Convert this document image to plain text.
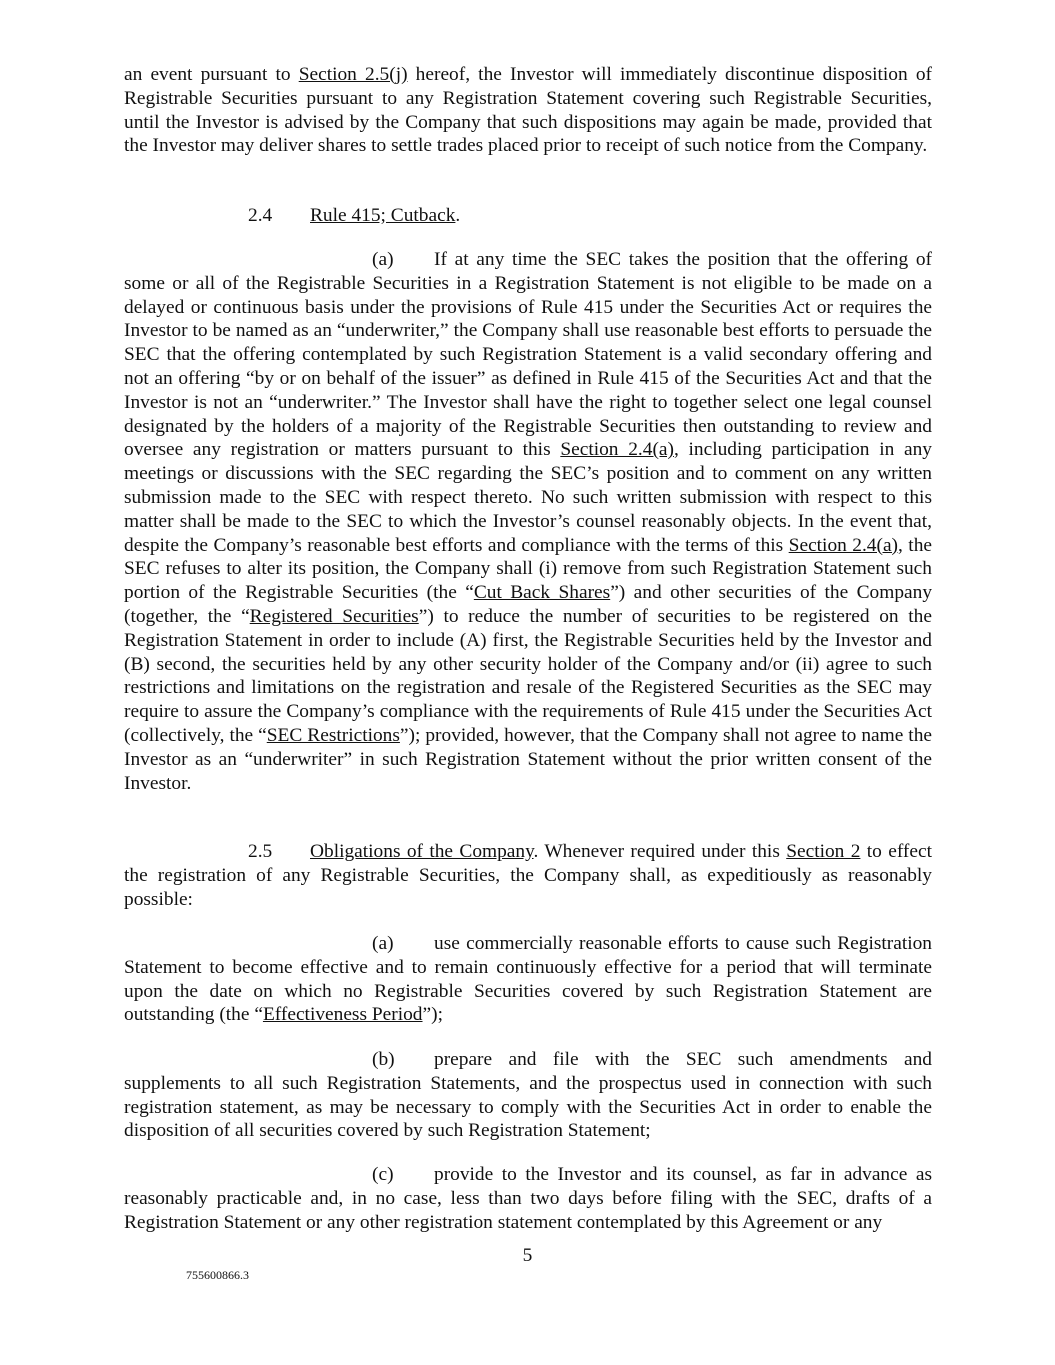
an event pursuant to Section 2.5(j) hereof, the Investor will immediately discontinue disposition of Registrable Securities pursuant to any Registration Statement covering such Registrable Securities, until the Investor is advised by the Company that such dispositions may again be made, provided that the Investor may deliver shares to settle trades placed prior to receipt of such notice from the Company.

2.4 Rule 415; Cutback.

(a) If at any time the SEC takes the position that the offering of some or all of the Registrable Securities in a Registration Statement is not eligible to be made on a delayed or continuous basis under the provisions of Rule 415 under the Securities Act or requires the Investor to be named as an “underwriter,” the Company shall use reasonable best efforts to persuade the SEC that the offering contemplated by such Registration Statement is a valid secondary offering and not an offering “by or on behalf of the issuer” as defined in Rule 415 of the Securities Act and that the Investor is not an “underwriter.” The Investor shall have the right to together select one legal counsel designated by the holders of a majority of the Registrable Securities then outstanding to review and oversee any registration or matters pursuant to this Section 2.4(a), including participation in any meetings or discussions with the SEC regarding the SEC’s position and to comment on any written submission made to the SEC with respect thereto. No such written submission with respect to this matter shall be made to the SEC to which the Investor’s counsel reasonably objects. In the event that, despite the Company’s reasonable best efforts and compliance with the terms of this Section 2.4(a), the SEC refuses to alter its position, the Company shall (i) remove from such Registration Statement such portion of the Registrable Securities (the “Cut Back Shares”) and other securities of the Company (together, the “Registered Securities”) to reduce the number of securities to be registered on the Registration Statement in order to include (A) first, the Registrable Securities held by the Investor and (B) second, the securities held by any other security holder of the Company and/or (ii) agree to such restrictions and limitations on the registration and resale of the Registered Securities as the SEC may require to assure the Company’s compliance with the requirements of Rule 415 under the Securities Act (collectively, the “SEC Restrictions”); provided, however, that the Company shall not agree to name the Investor as an “underwriter” in such Registration Statement without the prior written consent of the Investor.

2.5 Obligations of the Company. Whenever required under this Section 2 to effect the registration of any Registrable Securities, the Company shall, as expeditiously as reasonably possible:

(a) use commercially reasonable efforts to cause such Registration Statement to become effective and to remain continuously effective for a period that will terminate upon the date on which no Registrable Securities covered by such Registration Statement are outstanding (the “Effectiveness Period”);

(b) prepare and file with the SEC such amendments and supplements to all such Registration Statements, and the prospectus used in connection with such registration statement, as may be necessary to comply with the Securities Act in order to enable the disposition of all securities covered by such Registration Statement;

(c) provide to the Investor and its counsel, as far in advance as reasonably practicable and, in no case, less than two days before filing with the SEC, drafts of a Registration Statement or any other registration statement contemplated by this Agreement or any

5
755600866.3
